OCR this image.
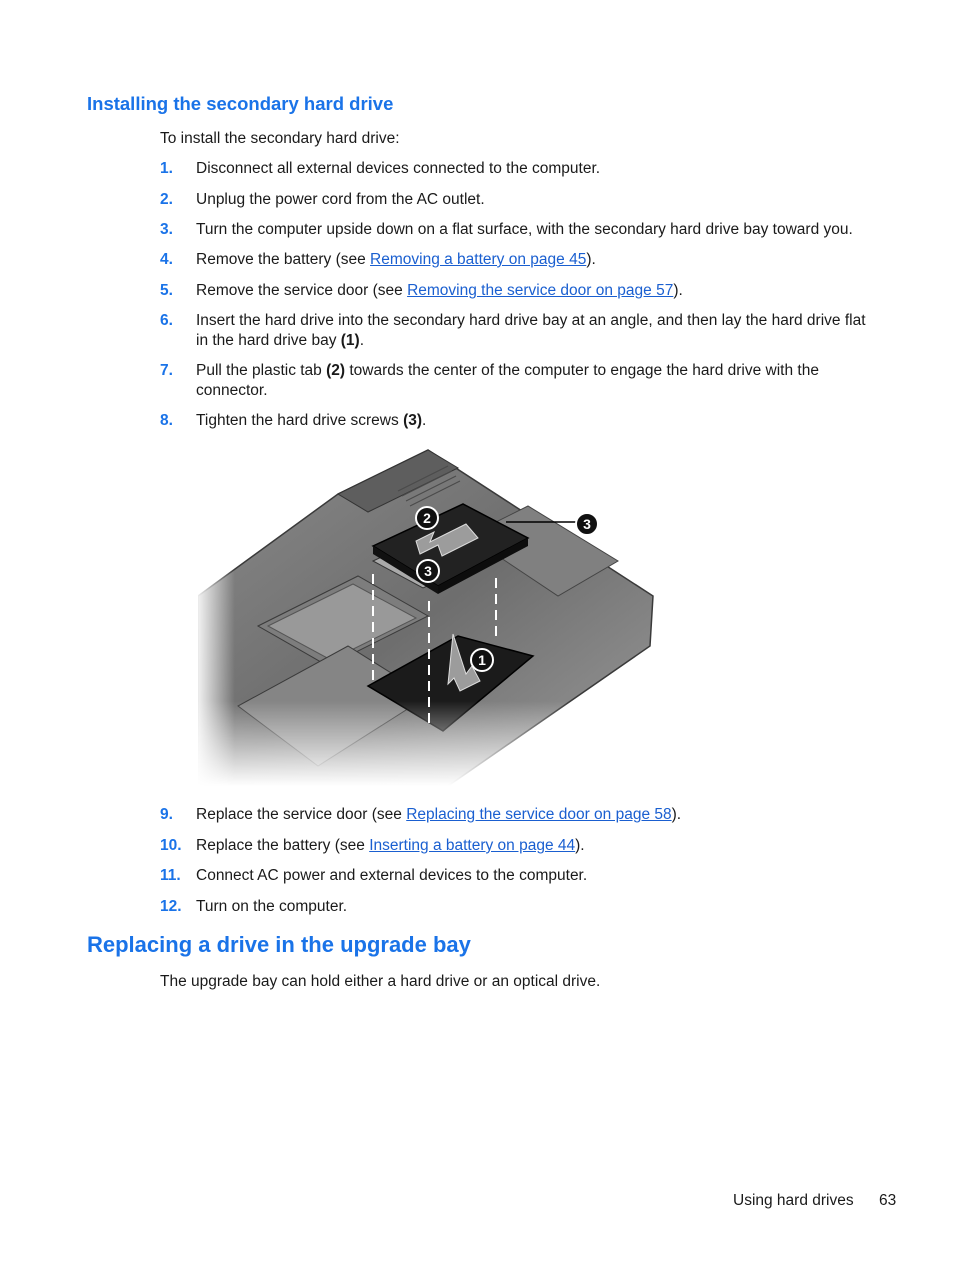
Installing the secondary hard drive
To install the secondary hard drive:
1. Disconnect all external devices connected to the computer.
2. Unplug the power cord from the AC outlet.
3. Turn the computer upside down on a flat surface, with the secondary hard drive bay toward you.
4. Remove the battery (see Removing a battery on page 45).
5. Remove the service door (see Removing the service door on page 57).
6. Insert the hard drive into the secondary hard drive bay at an angle, and then lay the hard drive flat in the hard drive bay (1).
7. Pull the plastic tab (2) towards the center of the computer to engage the hard drive with the connector.
8. Tighten the hard drive screws (3).
9. Replace the service door (see Replacing the service door on page 58).
10. Replace the battery (see Inserting a battery on page 44).
11. Connect AC power and external devices to the computer.
12. Turn on the computer.
Replacing a drive in the upgrade bay
The upgrade bay can hold either a hard drive or an optical drive.
Using hard drives 63
